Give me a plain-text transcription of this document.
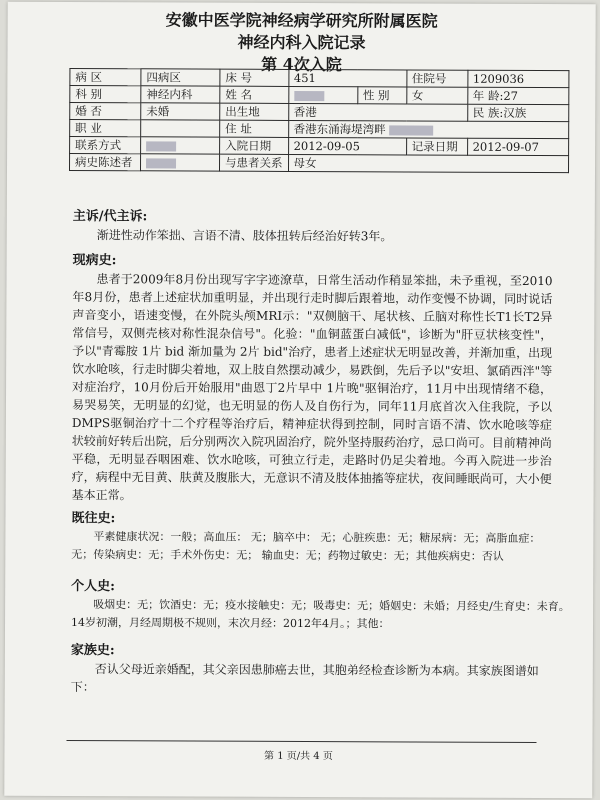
安徽中医学院神经病学研究所附属医院
神经内科入院记录
第 4次入院
病 区	四病区	床 号	451		住院号	1209036
科 别	神经内科	姓 名		性 别	女	年 龄:27
婚 否	未婚	出生地	香港			民 族:汉族
职 业		住 址	香港东涌海堤湾畔			
联系方式		入院日期	2012-09-05		记录日期	2012-09-07
病史陈述者		与患者关系	母女			

主诉/代主诉:

渐进性动作笨拙、言语不清、肢体扭转后经治好转3年。

现病史:

患者于2009年8月份出现写字字迹潦草，日常生活动作稍显笨拙，未予重视，至2010年8月份，患者上述症状加重明显，并出现行走时脚后跟着地，动作变慢不协调，同时说话声音变小，语速变慢，在外院头颅MRI示："双侧脑干、尾状核、丘脑对称性长T1长T2异常信号，双侧壳核对称性混杂信号"。化验："血铜蓝蛋白减低"，诊断为"肝豆状核变性"，予以"青霉胺 1片 bid 渐加量为 2片 bid"治疗，患者上述症状无明显改善，并渐加重，出现饮水呛咳，行走时脚尖着地，双上肢自然摆动减少，易跌倒，先后予以"安坦、氯硝西泮"等对症治疗，10月份后开始服用"曲恩丁2片早中 1片晚"驱铜治疗，11月中出现情绪不稳，易哭易笑，无明显的幻觉，也无明显的伤人及自伤行为，同年11月底首次入住我院，予以DMPS驱铜治疗十二个疗程等治疗后，精神症状得到控制，同时言语不清、饮水呛咳等症状较前好转后出院，后分别两次入院巩固治疗，院外坚持服药治疗，忌口尚可。目前精神尚平稳，无明显吞咽困难、饮水呛咳，可独立行走，走路时仍足尖着地。今再入院进一步治疗，病程中无目黄、肤黄及腹胀大，无意识不清及肢体抽搐等症状，夜间睡眠尚可，大小便基本正常。

既往史:

平素健康状况：一般；高血压： 无；脑卒中： 无；心脏疾患：无；糖尿病：无；高脂血症：

无；传染病史：无；手术外伤史：无； 输血史：无；药物过敏史：无；其他疾病史：否认

个人史:

吸烟史：无；饮酒史：无；疫水接触史：无；吸毒史：无；婚姻史：未婚；月经史/生育史：未育。

14岁初潮，月经周期极不规则，末次月经：2012年4月。；其他：

家族史:

否认父母近亲婚配，其父亲因患肺癌去世，其胞弟经检查诊断为本病。其家族图谱如下：

第 1 页/共 4 页
